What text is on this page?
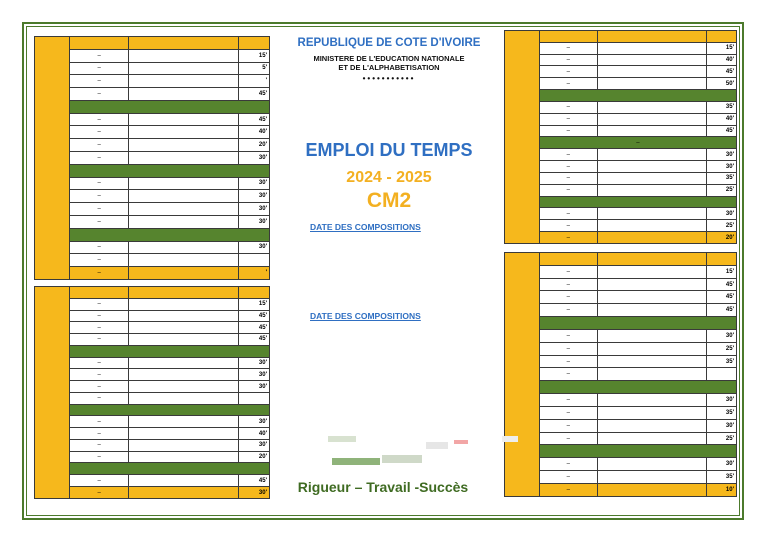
	–		15'
	–		5'
	–		'
	–		45'

	–		45'
	–		40'
	–		20'
	–		30'

	–		30'
	–		30'
	–		30'
	–		30'

	–		30'
	–		
	–		'

	–		15'
	–		45'
	–		45'
	–		45'

	–		30'
	–		30'
	–		30'
	–		

	–		30'
	–		40'
	–		30'
	–		20'

	–		45'
	–		30'

	–		15'
	–		40'
	–		45'
	–		50'

	–		35'
	–		40'
	–		45'
	–		
	–		30'
	–		30'
	–		35'
	–		25'

	–		30'
	–		25'
	–		20'

	–		15'
	–		45'
	–		45'
	–		45'

	–		30'
	–		25'
	–		35'
	–		

	–		30'
	–		35'
	–		30'
	–		25'

	–		30'
	–		35'
	–		10'
REPUBLIQUE DE COTE D'IVOIRE
MINISTERE DE L'EDUCATION NATIONALE
ET DE L'ALPHABETISATION
•••••••••••
EMPLOI DU TEMPS
2024 - 2025
CM2
DATE DES COMPOSITIONS
DATE DES COMPOSITIONS
Rigueur – Travail -Succès
